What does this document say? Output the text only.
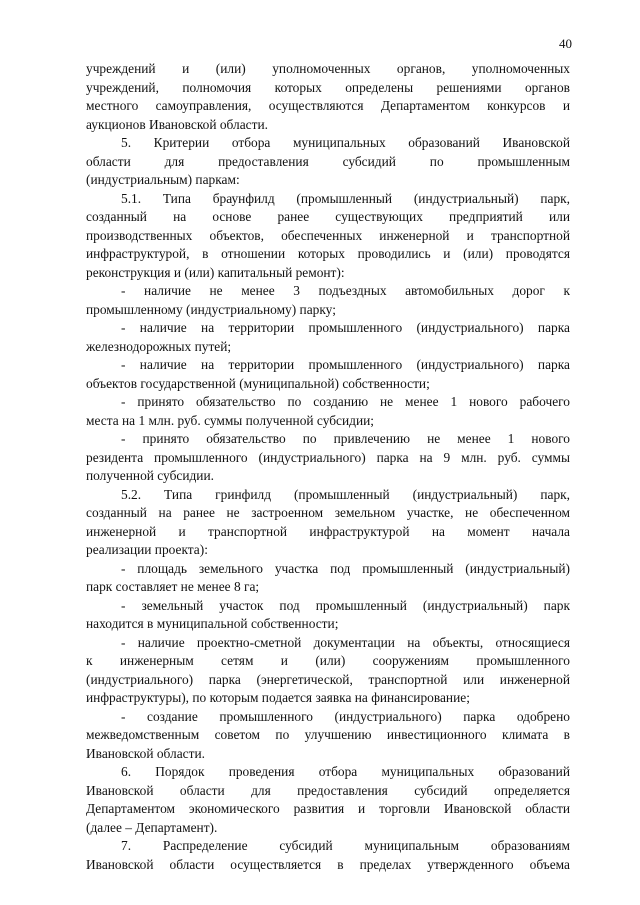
40
учреждений и (или) уполномоченных органов, уполномоченных
учреждений, полномочия которых определены решениями органов
местного самоуправления, осуществляются Департаментом конкурсов и
аукционов Ивановской области.
5. Критерии отбора муниципальных образований Ивановской
области для предоставления субсидий по промышленным
(индустриальным) паркам:
5.1. Типа браунфилд (промышленный (индустриальный) парк,
созданный на основе ранее существующих предприятий или
производственных объектов, обеспеченных инженерной и транспортной
инфраструктурой, в отношении которых проводились и (или) проводятся
реконструкция и (или) капитальный ремонт):
- наличие не менее 3 подъездных автомобильных дорог к
промышленному (индустриальному) парку;
- наличие на территории промышленного (индустриального) парка
железнодорожных путей;
- наличие на территории промышленного (индустриального) парка
объектов государственной (муниципальной) собственности;
- принято обязательство по созданию не менее 1 нового рабочего
места на 1 млн. руб. суммы полученной субсидии;
- принято обязательство по привлечению не менее 1 нового
резидента промышленного (индустриального) парка на 9 млн. руб. суммы
полученной субсидии.
5.2. Типа гринфилд (промышленный (индустриальный) парк,
созданный на ранее не застроенном земельном участке, не обеспеченном
инженерной и транспортной инфраструктурой на момент начала
реализации проекта):
- площадь земельного участка под промышленный (индустриальный)
парк составляет не менее 8 га;
- земельный участок под промышленный (индустриальный) парк
находится в муниципальной собственности;
- наличие проектно-сметной документации на объекты, относящиеся
к инженерным сетям и (или) сооружениям промышленного
(индустриального) парка (энергетической, транспортной или инженерной
инфраструктуры), по которым подается заявка на финансирование;
- создание промышленного (индустриального) парка одобрено
межведомственным советом по улучшению инвестиционного климата в
Ивановской области.
6. Порядок проведения отбора муниципальных образований
Ивановской области для предоставления субсидий определяется
Департаментом экономического развития и торговли Ивановской области
(далее – Департамент).
7. Распределение субсидий муниципальным образованиям
Ивановской области осуществляется в пределах утвержденного объема
